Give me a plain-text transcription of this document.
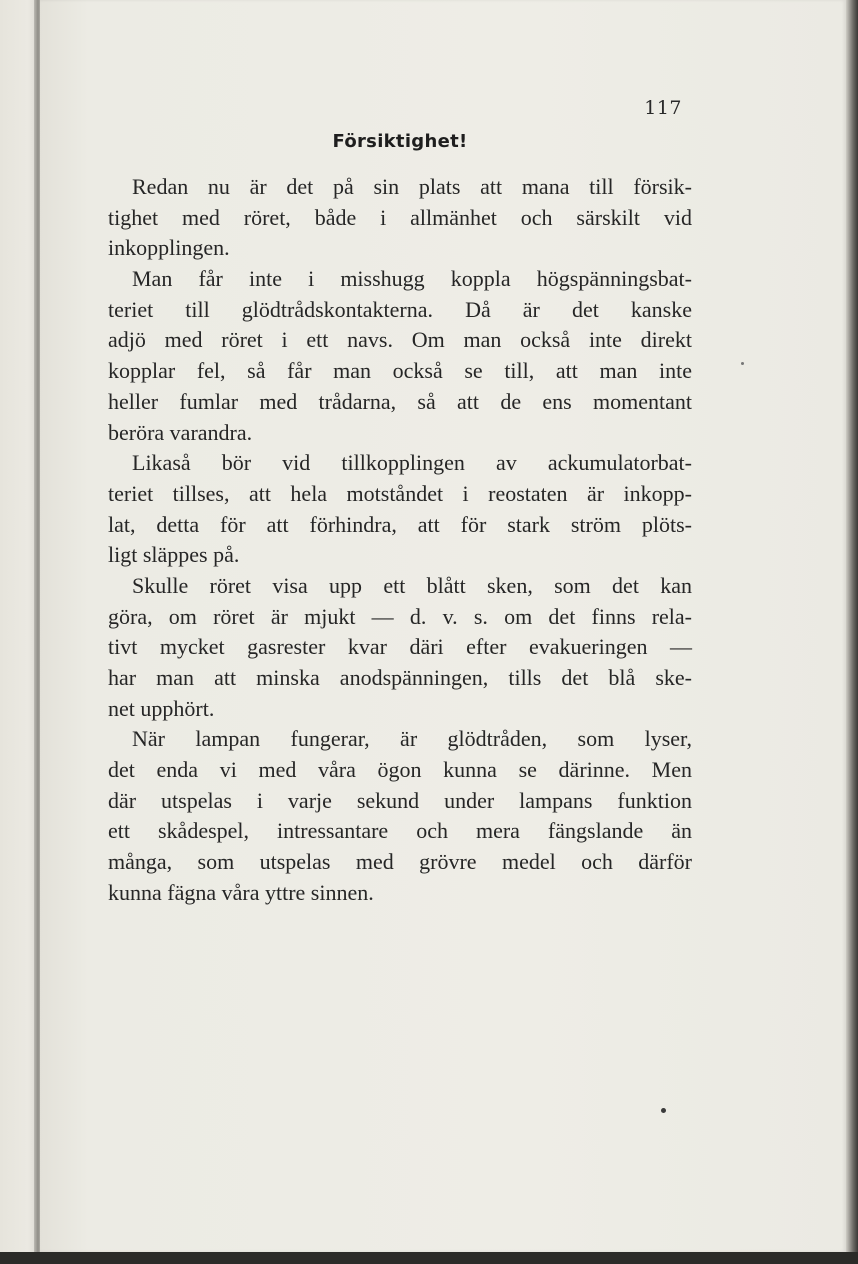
117
Försiktighet!
Redan nu är det på sin plats att mana till försik-
tighet med röret, både i allmänhet och särskilt vid
inkopplingen.
Man får inte i misshugg koppla högspänningsbat-
teriet till glödtrådskontakterna. Då är det kanske
adjö med röret i ett navs. Om man också inte direkt
kopplar fel, så får man också se till, att man inte
heller fumlar med trådarna, så att de ens momentant
beröra varandra.
Likaså bör vid tillkopplingen av ackumulatorbat-
teriet tillses, att hela motståndet i reostaten är inkopp-
lat, detta för att förhindra, att för stark ström plöts-
ligt släppes på.
Skulle röret visa upp ett blått sken, som det kan
göra, om röret är mjukt — d. v. s. om det finns rela-
tivt mycket gasrester kvar däri efter evakueringen —
har man att minska anodspänningen, tills det blå ske-
net upphört.
När lampan fungerar, är glödtråden, som lyser,
det enda vi med våra ögon kunna se därinne. Men
där utspelas i varje sekund under lampans funktion
ett skådespel, intressantare och mera fängslande än
många, som utspelas med grövre medel och därför
kunna fägna våra yttre sinnen.
